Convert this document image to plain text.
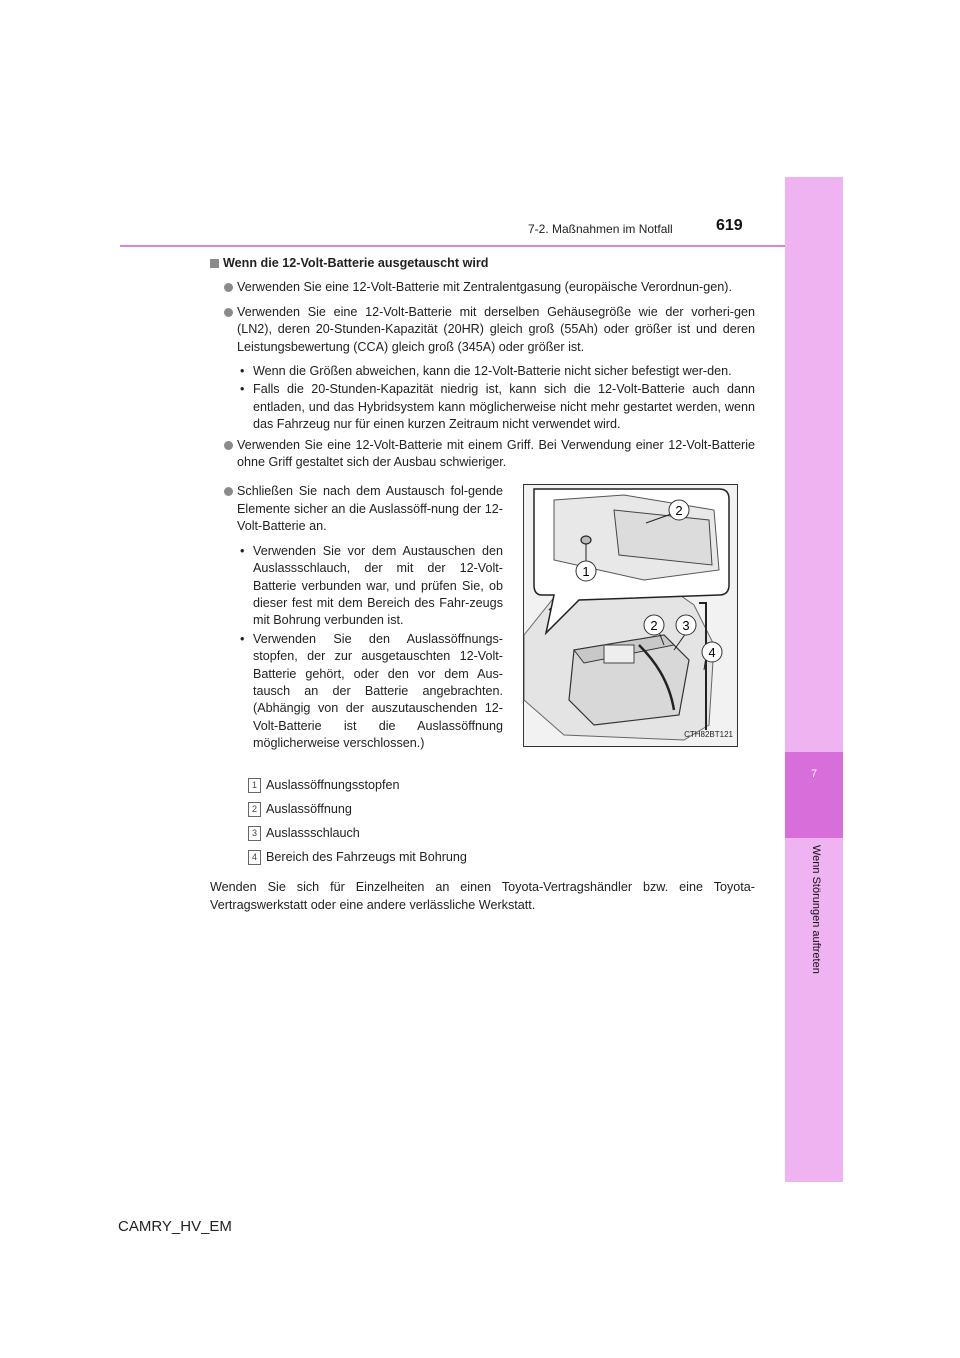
7
Wenn Störungen auftreten
7-2. Maßnahmen im Notfall	619
Wenn die 12-Volt-Batterie ausgetauscht wird
Verwenden Sie eine 12-Volt-Batterie mit Zentralentgasung (europäische Verordnun-gen).
Verwenden Sie eine 12-Volt-Batterie mit derselben Gehäusegröße wie der vorheri-gen (LN2), deren 20-Stunden-Kapazität (20HR) gleich groß (55Ah) oder größer ist und deren Leistungsbewertung (CCA) gleich groß (345A) oder größer ist.
• Wenn die Größen abweichen, kann die 12-Volt-Batterie nicht sicher befestigt wer-den.
• Falls die 20-Stunden-Kapazität niedrig ist, kann sich die 12-Volt-Batterie auch dann entladen, und das Hybridsystem kann möglicherweise nicht mehr gestartet werden, wenn das Fahrzeug nur für einen kurzen Zeitraum nicht verwendet wird.
Verwenden Sie eine 12-Volt-Batterie mit einem Griff. Bei Verwendung einer 12-Volt-Batterie ohne Griff gestaltet sich der Ausbau schwieriger.
Schließen Sie nach dem Austausch fol-gende Elemente sicher an die Auslassöff-nung der 12-Volt-Batterie an.
• Verwenden Sie vor dem Austauschen den Auslassschlauch, der mit der 12-Volt-Batterie verbunden war, und prüfen Sie, ob dieser fest mit dem Bereich des Fahr-zeugs mit Bohrung verbunden ist.
• Verwenden Sie den Auslassöffnungs-stopfen, der zur ausgetauschten 12-Volt-Batterie gehört, oder den vor dem Aus-tausch an der Batterie angebrachten. (Abhängig von der auszutauschenden 12-Volt-Batterie ist die Auslassöffnung möglicherweise verschlossen.)
1
2
2 3
4
CTH82BT121
1 Auslassöffnungsstopfen
2 Auslassöffnung
3 Auslassschlauch
4 Bereich des Fahrzeugs mit Bohrung
Wenden Sie sich für Einzelheiten an einen Toyota-Vertragshändler bzw. eine Toyota-Vertragswerkstatt oder eine andere verlässliche Werkstatt.
CAMRY_HV_EM
